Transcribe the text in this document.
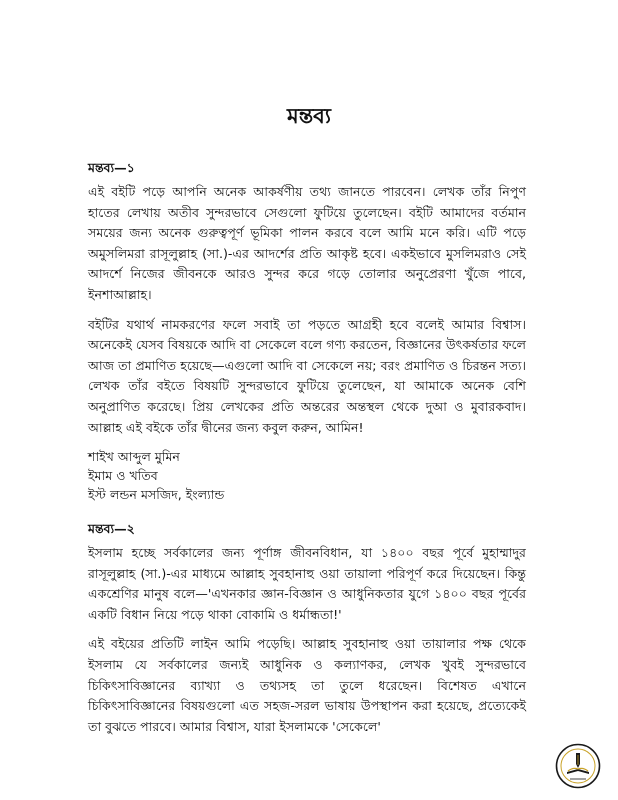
মন্তব্য
মন্তব্য—১

এই বইটি পড়ে আপনি অনেক আকর্ষণীয় তথ্য জানতে পারবেন। লেখক তাঁর নিপুণ হাতের লেখায় অতীব সুন্দরভাবে সেগুলো ফুটিয়ে তুলেছেন। বইটি আমাদের বর্তমান সময়ের জন্য অনেক গুরুত্বপূর্ণ ভূমিকা পালন করবে বলে আমি মনে করি। এটি পড়ে অমুসলিমরা রাসূলুল্লাহ (সা.)-এর আদর্শের প্রতি আকৃষ্ট হবে। একইভাবে মুসলিমরাও সেই আদর্শে নিজের জীবনকে আরও সুন্দর করে গড়ে তোলার অনুপ্রেরণা খুঁজে পাবে, ইনশাআল্লাহ।

বইটির যথার্থ নামকরণের ফলে সবাই তা পড়তে আগ্রহী হবে বলেই আমার বিশ্বাস। অনেকেই যেসব বিষয়কে আদি বা সেকেলে বলে গণ্য করতেন, বিজ্ঞানের উৎকর্ষতার ফলে আজ তা প্রমাণিত হয়েছে—এগুলো আদি বা সেকেলে নয়; বরং প্রমাণিত ও চিরন্তন সত্য। লেখক তাঁর বইতে বিষয়টি সুন্দরভাবে ফুটিয়ে তুলেছেন, যা আমাকে অনেক বেশি অনুপ্রাণিত করেছে। প্রিয় লেখকের প্রতি অন্তরের অন্তস্থল থেকে দুআ ও মুবারকবাদ। আল্লাহ এই বইকে তাঁর দ্বীনের জন্য কবুল করুন, আমিন!

শাইখ আব্দুল মুমিন
ইমাম ও খতিব
ইস্ট লন্ডন মসজিদ, ইংল্যান্ড
মন্তব্য—২

ইসলাম হচ্ছে সর্বকালের জন্য পূর্ণাঙ্গ জীবনবিধান, যা ১৪০০ বছর পূর্বে মুহাম্মাদুর রাসূলুল্লাহ (সা.)-এর মাধ্যমে আল্লাহ সুবহানাহু ওয়া তায়ালা পরিপূর্ণ করে দিয়েছেন। কিন্তু একশ্রেণির মানুষ বলে—'এখনকার জ্ঞান-বিজ্ঞান ও আধুনিকতার যুগে ১৪০০ বছর পূর্বের একটি বিধান নিয়ে পড়ে থাকা বোকামি ও ধর্মান্ধতা!'

এই বইয়ের প্রতিটি লাইন আমি পড়েছি। আল্লাহ সুবহানাহু ওয়া তায়ালার পক্ষ থেকে ইসলাম যে সর্বকালের জন্যই আধুনিক ও কল্যাণকর, লেখক খুবই সুন্দরভাবে চিকিৎসাবিজ্ঞানের ব্যাখ্যা ও তথ্যসহ তা তুলে ধরেছেন। বিশেষত এখানে চিকিৎসাবিজ্ঞানের বিষয়গুলো এত সহজ-সরল ভাষায় উপস্থাপন করা হয়েছে, প্রত্যেকেই তা বুঝতে পারবে। আমার বিশ্বাস, যারা ইসলামকে 'সেকেলে'
